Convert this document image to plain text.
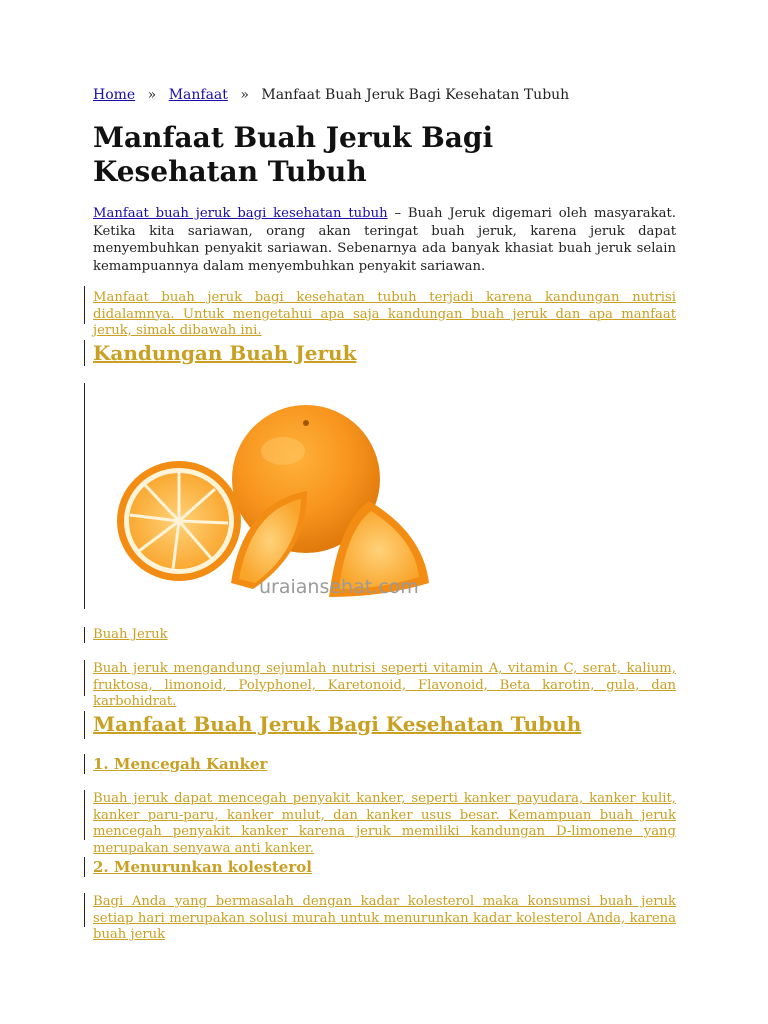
Home » Manfaat » Manfaat Buah Jeruk Bagi Kesehatan Tubuh
Manfaat Buah Jeruk Bagi Kesehatan Tubuh

Manfaat buah jeruk bagi kesehatan tubuh – Buah Jeruk digemari oleh masyarakat. Ketika kita sariawan, orang akan teringat buah jeruk, karena jeruk dapat menyembuhkan penyakit sariawan. Sebenarnya ada banyak khasiat buah jeruk selain kemampuannya dalam menyembuhkan penyakit sariawan.

Manfaat buah jeruk bagi kesehatan tubuh terjadi karena kandungan nutrisi didalamnya. Untuk mengetahui apa saja kandungan buah jeruk dan apa manfaat jeruk, simak dibawah ini.

Kandungan Buah Jeruk
uraiansehat.com

Buah Jeruk

Buah jeruk mengandung sejumlah nutrisi seperti vitamin A, vitamin C, serat, kalium, fruktosa, limonoid, Polyphonel, Karetonoid, Flavonoid, Beta karotin, gula, dan karbohidrat.

Manfaat Buah Jeruk Bagi Kesehatan Tubuh
1. Mencegah Kanker

Buah jeruk dapat mencegah penyakit kanker, seperti kanker payudara, kanker kulit, kanker paru-paru, kanker mulut, dan kanker usus besar. Kemampuan buah jeruk mencegah penyakit kanker karena jeruk memiliki kandungan D-limonene yang merupakan senyawa anti kanker.

2. Menurunkan kolesterol

Bagi Anda yang bermasalah dengan kadar kolesterol maka konsumsi buah jeruk setiap hari merupakan solusi murah untuk menurunkan kadar kolesterol Anda, karena buah jeruk
